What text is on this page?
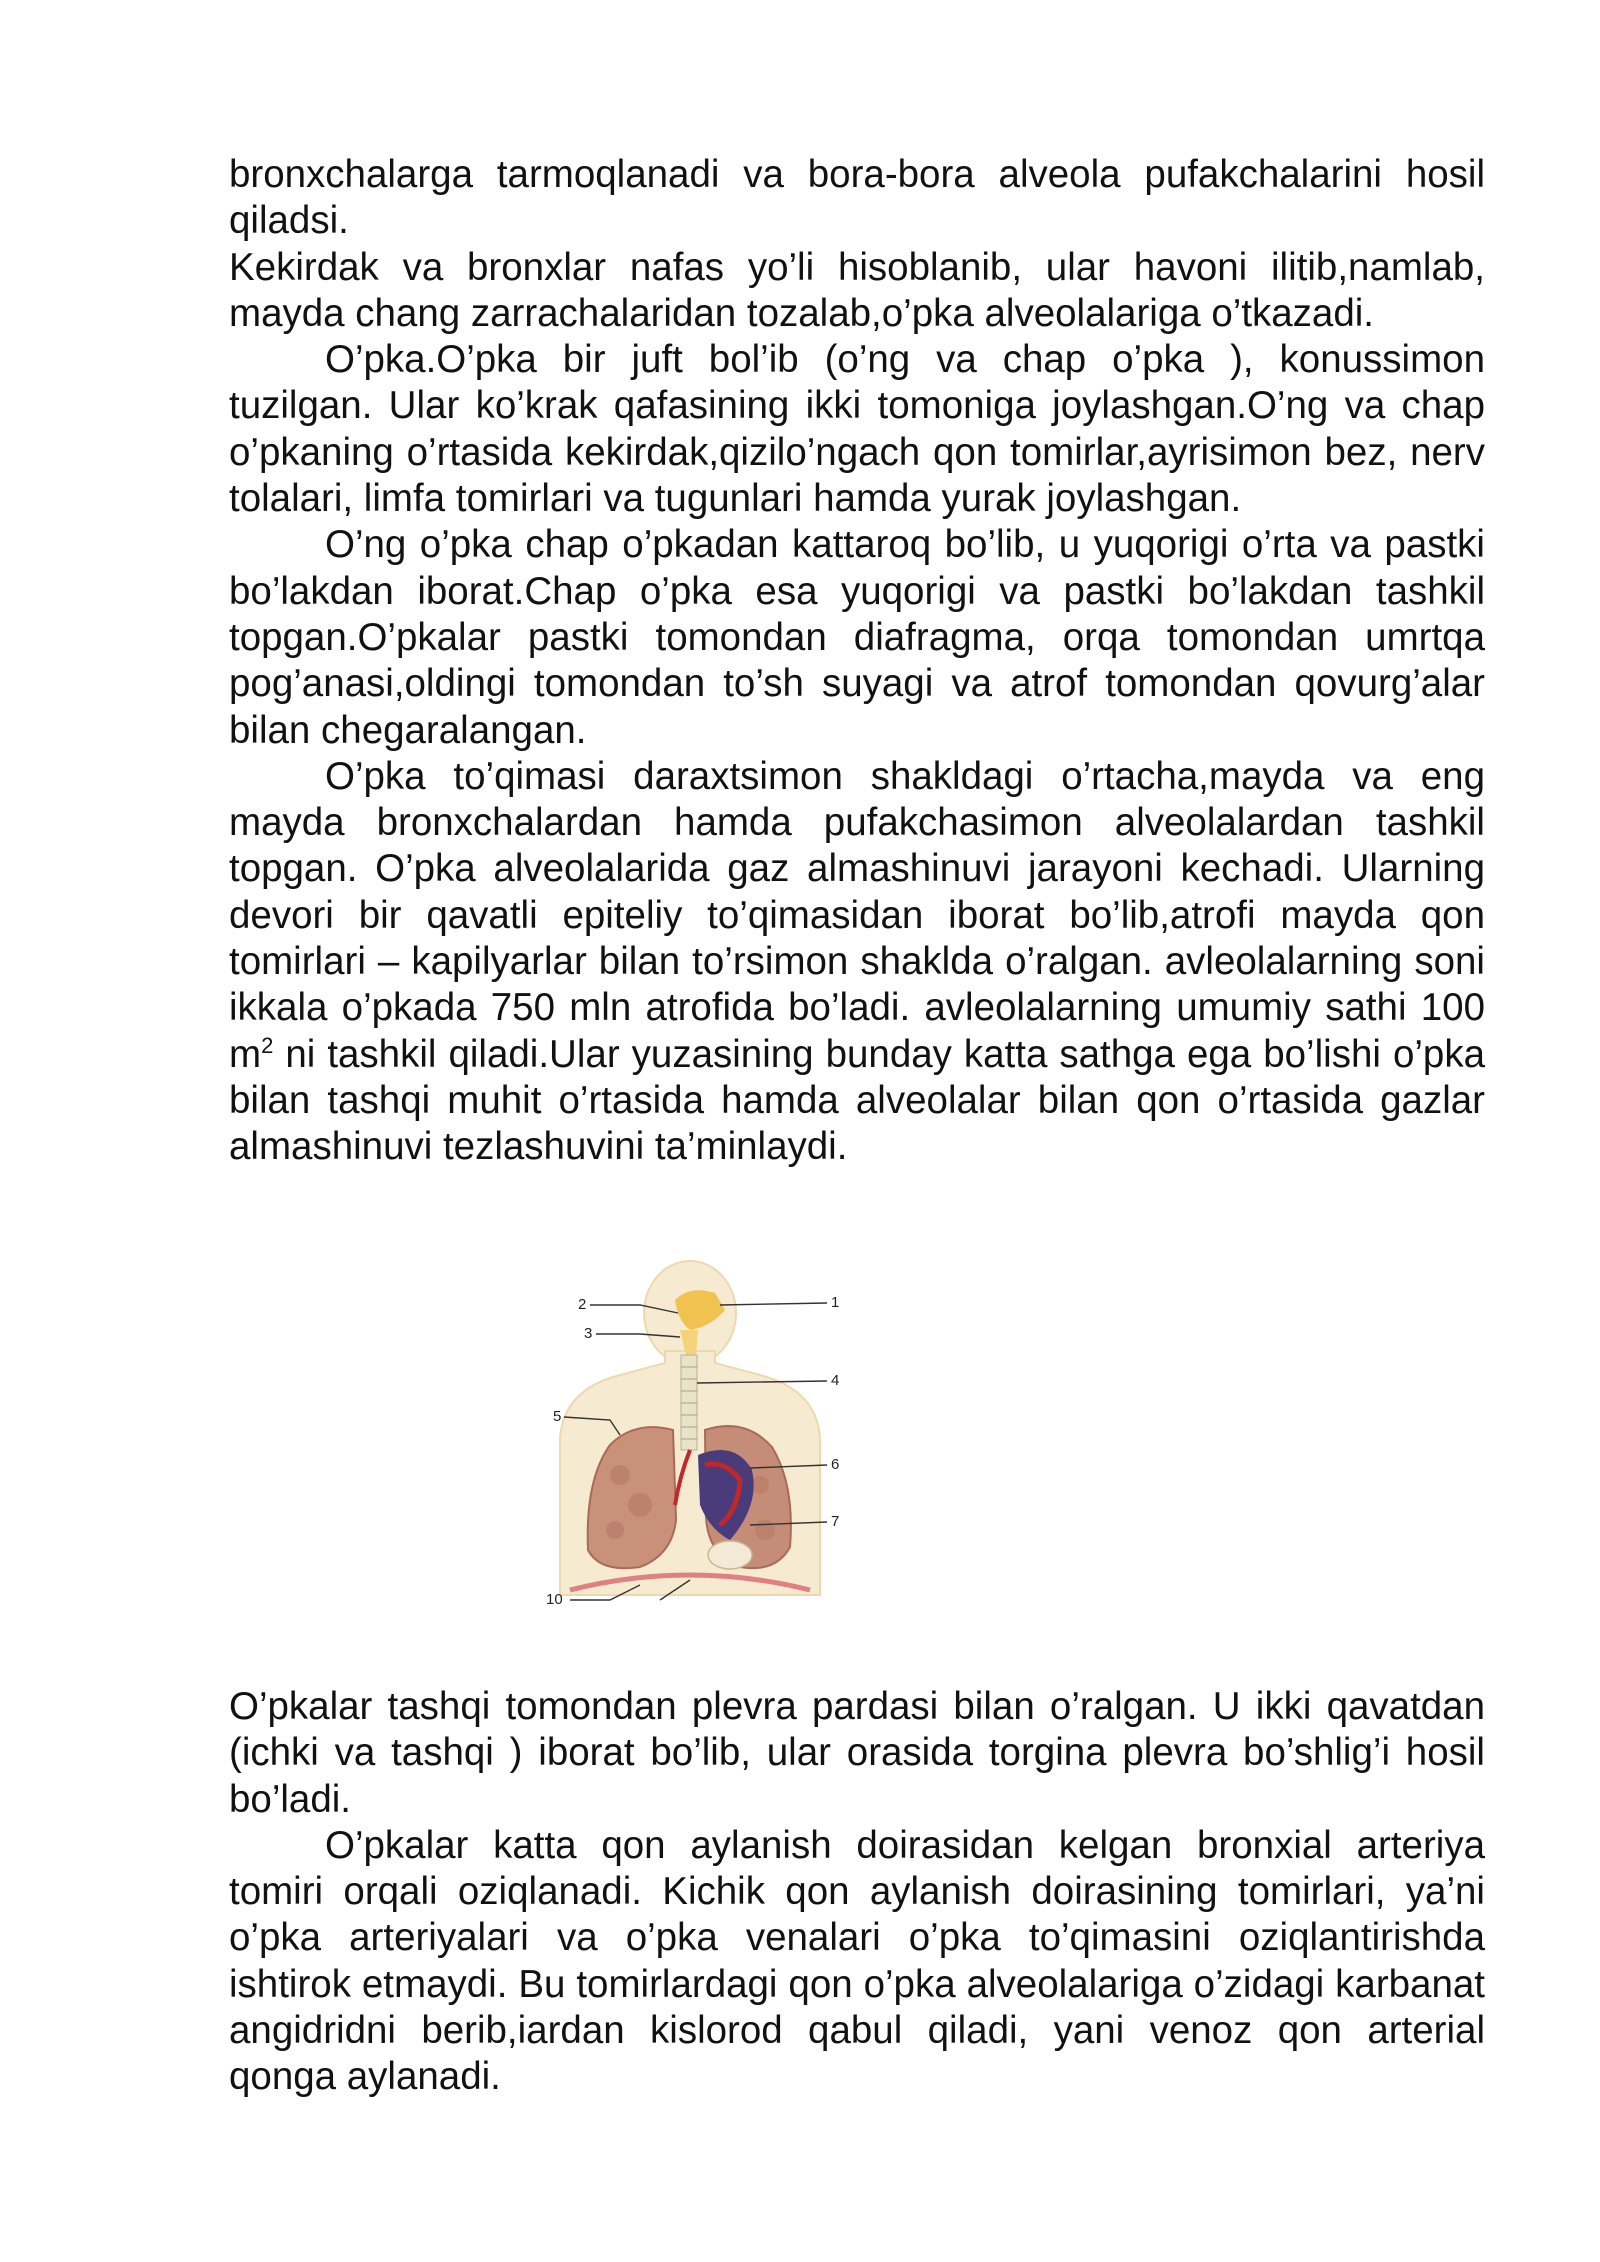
bronxchalarga tarmoqlanadi va bora-bora alveola pufakchalarini hosil qiladsi.

Kekirdak va bronxlar nafas yo’li hisoblanib, ular havoni ilitib,namlab, mayda chang zarrachalaridan tozalab,o’pka alveolalariga o’tkazadi.

O’pka.O’pka bir juft bol’ib (o’ng va chap o’pka ), konussimon tuzilgan. Ular ko’krak qafasining ikki tomoniga joylashgan.O’ng va chap o’pkaning o’rtasida kekirdak,qizilo’ngach qon tomirlar,ayrisimon bez, nerv tolalari, limfa tomirlari va tugunlari hamda yurak joylashgan.

O’ng o’pka chap o’pkadan kattaroq bo’lib, u yuqorigi o’rta va pastki bo’lakdan iborat.Chap o’pka esa yuqorigi va pastki bo’lakdan tashkil topgan.O’pkalar pastki tomondan diafragma, orqa tomondan umrtqa pog’anasi,oldingi tomondan to’sh suyagi va atrof tomondan qovurg’alar bilan chegaralangan.

O’pka to’qimasi daraxtsimon shakldagi o’rtacha,mayda va eng mayda bronxchalardan hamda pufakchasimon alveolalardan tashkil topgan. O’pka alveolalarida gaz almashinuvi jarayoni kechadi. Ularning devori bir qavatli epiteliy to’qimasidan iborat bo’lib,atrofi mayda qon tomirlari – kapilyarlar bilan to’rsimon shaklda o’ralgan. avleolalarning soni ikkala o’pkada 750 mln atrofida bo’ladi. avleolalarning umumiy sathi 100 $m^2$ ni tashkil qiladi.Ular yuzasining bunday katta sathga ega bo’lishi o’pka bilan tashqi muhit o’rtasida hamda alveolalar bilan qon o’rtasida gazlar almashinuvi tezlashuvini ta’minlaydi.

1
2
3
4
5
6
7
10

O’pkalar tashqi tomondan plevra pardasi bilan o’ralgan. U ikki qavatdan (ichki va tashqi ) iborat bo’lib, ular orasida torgina plevra bo’shlig’i hosil bo’ladi.

O’pkalar katta qon aylanish doirasidan kelgan bronxial arteriya tomiri orqali oziqlanadi. Kichik qon aylanish doirasining tomirlari, ya’ni o’pka arteriyalari va o’pka venalari o’pka to’qimasini oziqlantirishda ishtirok etmaydi. Bu tomirlardagi qon o’pka alveolalariga o’zidagi karbanat angidridni berib,iardan kislorod qabul qiladi, yani venoz qon arterial qonga aylanadi.
